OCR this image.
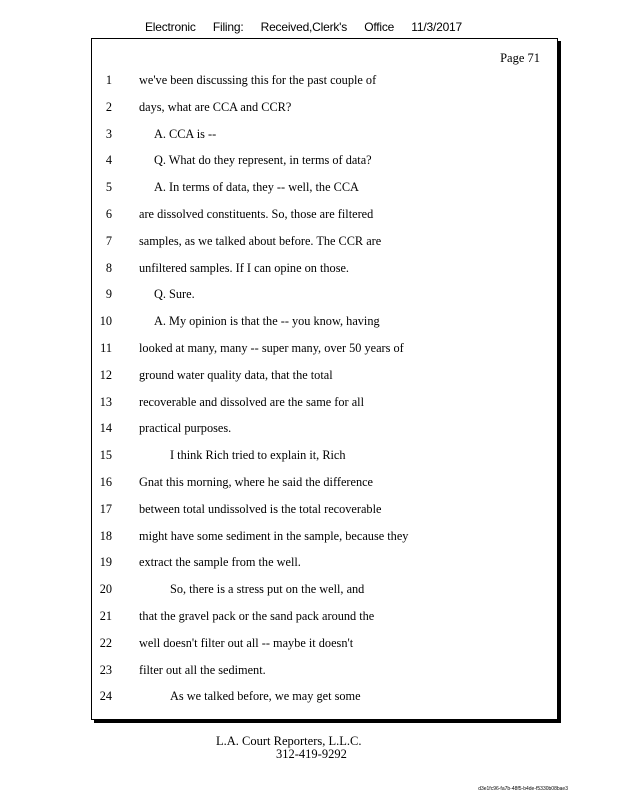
Electronic Filing: Received,Clerk's Office 11/3/2017
Page 71
1 we've been discussing this for the past couple of
2 days, what are CCA and CCR?
3	A. CCA is --
4	Q. What do they represent, in terms of data?
5	A. In terms of data, they -- well, the CCA
6 are dissolved constituents. So, those are filtered
7 samples, as we talked about before. The CCR are
8 unfiltered samples. If I can opine on those.
9	Q. Sure.
10	A. My opinion is that the -- you know, having
11 looked at many, many -- super many, over 50 years of
12 ground water quality data, that the total
13 recoverable and dissolved are the same for all
14 practical purposes.
15	I think Rich tried to explain it, Rich
16 Gnat this morning, where he said the difference
17 between total undissolved is the total recoverable
18 might have some sediment in the sample, because they
19 extract the sample from the well.
20	So, there is a stress put on the well, and
21 that the gravel pack or the sand pack around the
22 well doesn't filter out all -- maybe it doesn't
23 filter out all the sediment.
24	As we talked before, we may get some
L.A. Court Reporters, L.L.C.
312-419-9292
d3e1fc96-fa7b-48f5-b4de-f5330b08bae3
